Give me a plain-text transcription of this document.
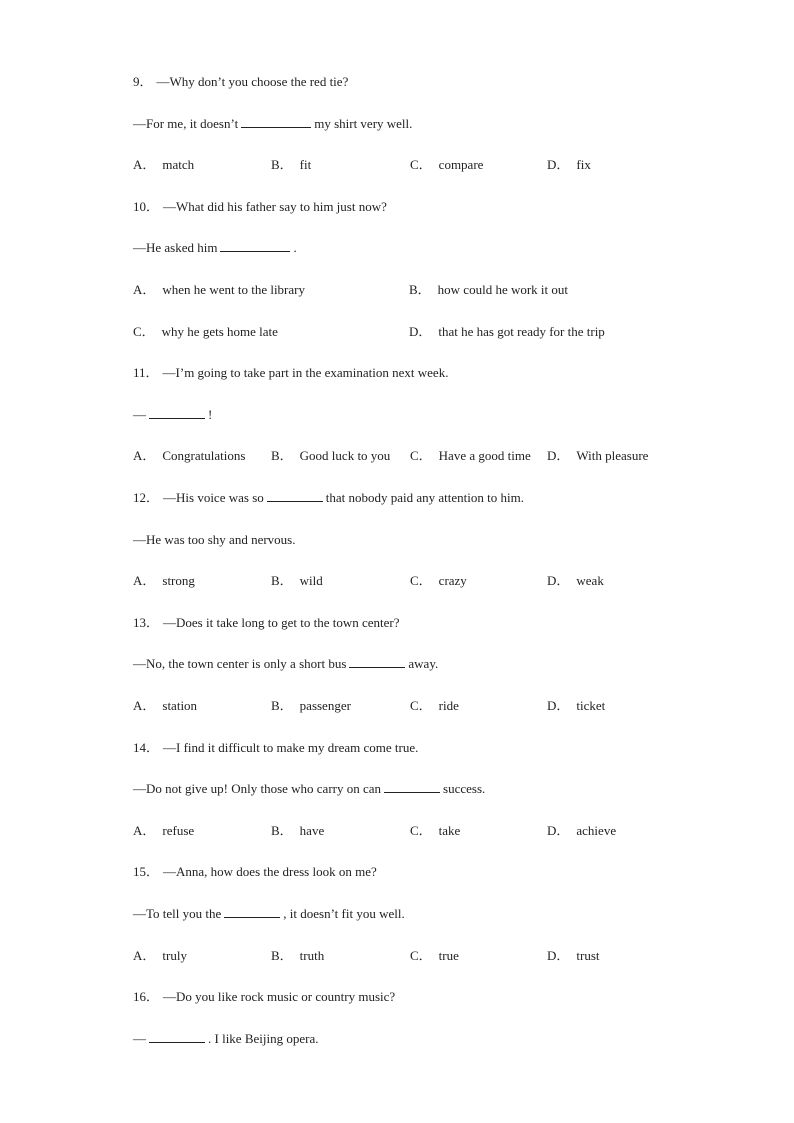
9． —Why don’t you choose the red tie?
—For me, it doesn’t	my shirt very well.
A． match	B． fit	C． compare	D． fix
10． —What did his father say to him just now?
—He asked him	.
A． when he went to the library	B． how could he work it out
C． why he gets home late	D． that he has got ready for the trip
11． —I’m going to take part in the examination next week.
—	!
A． Congratulations B． Good luck to you C． Have a good time D． With pleasure
12． —His voice was so	that nobody paid any attention to him.
—He was too shy and nervous.
A． strong	B． wild	C． crazy	D． weak
13． —Does it take long to get to the town center?
—No, the town center is only a short bus	away.
A． station	B． passenger	C． ride	D． ticket
14． —I find it difficult to make my dream come true.
—Do not give up! Only those who carry on can	success.
A． refuse	B． have	C． take	D． achieve
15． —Anna, how does the dress look on me?
—To tell you the	, it doesn’t fit you well.
A． truly	B． truth	C． true	D． trust
16． —Do you like rock music or country music?
—	. I like Beijing opera.
